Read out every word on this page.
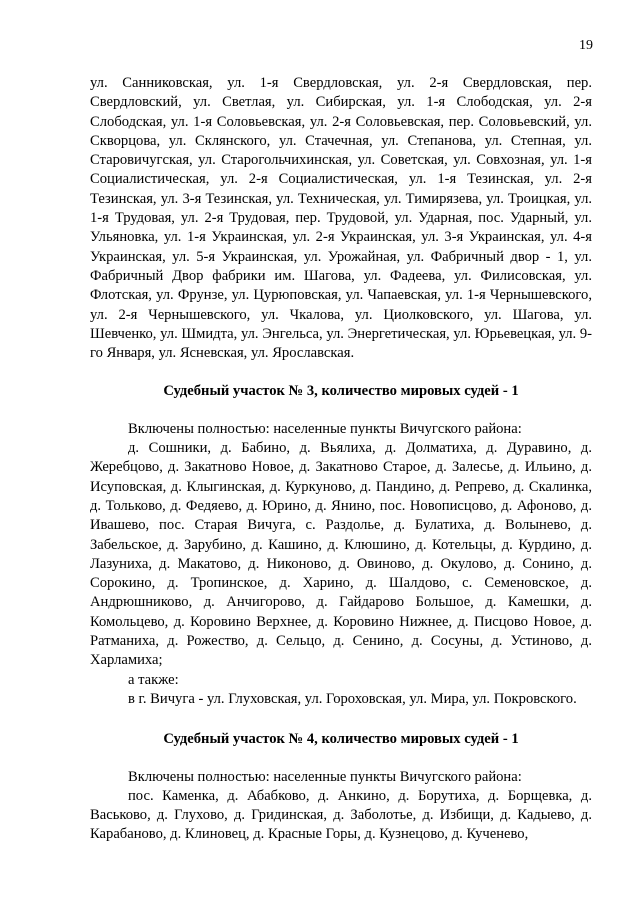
19

ул. Санниковская, ул. 1-я Свердловская, ул. 2-я Свердловская, пер. Свердловский, ул. Светлая, ул. Сибирская, ул. 1-я Слободская, ул. 2-я Слободская, ул. 1-я Соловьевская, ул. 2-я Соловьевская, пер. Соловьевский, ул. Скворцова, ул. Склянского, ул. Стачечная, ул. Степанова, ул. Степная, ул. Старовичугская, ул. Старогольчихинская, ул. Советская, ул. Совхозная, ул. 1-я Социалистическая, ул. 2-я Социалистическая, ул. 1-я Тезинская, ул. 2-я Тезинская, ул. 3-я Тезинская, ул. Техническая, ул. Тимирязева, ул. Троицкая, ул. 1-я Трудовая, ул. 2-я Трудовая, пер. Трудовой, ул. Ударная, пос. Ударный, ул. Ульяновка, ул. 1-я Украинская, ул. 2-я Украинская, ул. 3-я Украинская, ул. 4-я Украинская, ул. 5-я Украинская, ул. Урожайная, ул. Фабричный двор - 1, ул. Фабричный Двор фабрики им. Шагова, ул. Фадеева, ул. Филисовская, ул. Флотская, ул. Фрунзе, ул. Цурюповская, ул. Чапаевская, ул. 1-я Чернышевского, ул. 2-я Чернышевского, ул. Чкалова, ул. Циолковского, ул. Шагова, ул. Шевченко, ул. Шмидта, ул. Энгельса, ул. Энергетическая, ул. Юрьевецкая, ул. 9-го Января, ул. Ясневская, ул. Ярославская.

Судебный участок № 3, количество мировых судей - 1

Включены полностью: населенные пункты Вичугского района:

д. Сошники, д. Бабино, д. Вьялиха, д. Долматиха, д. Дуравино, д. Жеребцово, д. Закатново Новое, д. Закатново Старое, д. Залесье, д. Ильино, д. Исуповская, д. Клыгинская, д. Куркуново, д. Пандино, д. Репрево, д. Скалинка, д. Тольково, д. Федяево, д. Юрино, д. Янино, пос. Новописцово, д. Афоново, д. Ивашево, пос. Старая Вичуга, с. Раздолье, д. Булатиха, д. Волынево, д. Забельское, д. Зарубино, д. Кашино, д. Клюшино, д. Котельцы, д. Курдино, д. Лазуниха, д. Макатово, д. Никоново, д. Овиново, д. Окулово, д. Сонино, д. Сорокино, д. Тропинское, д. Харино, д. Шалдово, с. Семеновское, д. Андрюшниково, д. Анчигорово, д. Гайдарово Большое, д. Камешки, д. Комольцево, д. Коровино Верхнее, д. Коровино Нижнее, д. Писцово Новое, д. Ратманиха, д. Рожество, д. Сельцо, д. Сенино, д. Сосуны, д. Устиново, д. Харламиха;

а также:

в г. Вичуга - ул. Глуховская, ул. Гороховская, ул. Мира, ул. Покровского.

Судебный участок № 4, количество мировых судей - 1

Включены полностью: населенные пункты Вичугского района:

пос. Каменка, д. Абабково, д. Анкино, д. Борутиха, д. Борщевка, д. Васьково, д. Глухово, д. Гридинская, д. Заболотье, д. Избищи, д. Кадыево, д. Карабаново, д. Клиновец, д. Красные Горы, д. Кузнецово, д. Кученево,
